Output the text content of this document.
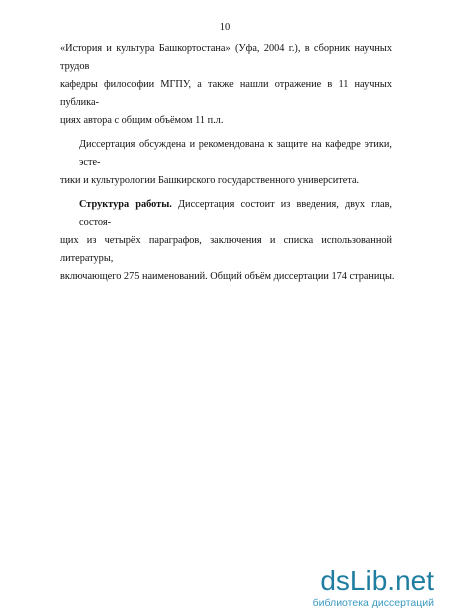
10
«История и культура Башкортостана» (Уфа, 2004 г.), в сборник научных трудов
кафедры философии МГПУ, а также нашли отражение в 11 научных публика-
циях автора с общим объёмом 11 п.л.
Диссертация обсуждена и рекомендована к защите на кафедре этики, эсте-
тики и культурологии Башкирского государственного университета.
Структура работы. Диссертация состоит из введения, двух глав, состоя-
щих из четырёх параграфов, заключения и списка использованной литературы,
включающего 275 наименований. Общий объём диссертации 174 страницы.
dsLib.net
библиотека диссертаций
